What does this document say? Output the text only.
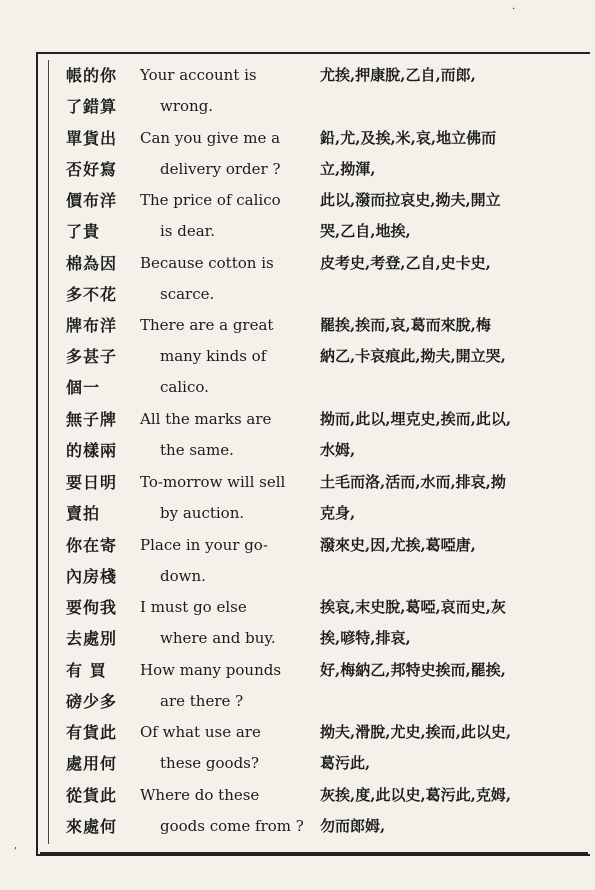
·
,
帳的你
了錯算
Your account is
wrong.
尤挨,押康脫,乙自,而郎,
單貨出
否好寫
Can you give me a
delivery order ?
鉛,尤,及挨,米,哀,地立佛而
立,拗渾,
價布洋
了貴
The price of calico
is dear.
此以,潑而拉哀史,拗夫,開立
哭,乙自,地挨,
棉為因
多不花
Because cotton is
scarce.
皮考史,考登,乙自,史卡史,
牌布洋
多甚子
個一
There are a great
many kinds of
calico.
罷挨,挨而,哀,葛而來脫,梅
納乙,卡哀痕此,拗夫,開立哭,
無子牌
的樣兩
All the marks are
the same.
拗而,此以,埋克史,挨而,此以,
水姆,
要日明
賣拍
To-morrow will sell
by auction.
土毛而洛,活而,水而,排哀,拗
克身,
你在寄
內房棧
Place in your go-
down.
潑來史,因,尤挨,葛啞唐,
要佝我
去處別
I must go else
where and buy.
挨哀,末史脫,葛啞,哀而史,灰
挨,喭特,排哀,
有 買
磅少多
How many pounds
are there ?
好,梅納乙,邦特史挨而,罷挨,
有貨此
處用何
Of what use are
these goods?
拗夫,滑脫,尤史,挨而,此以史,
葛污此,
從貨此
來處何
Where do these
goods come from ?
灰挨,度,此以史,葛污此,克姆,
勿而郎姆,
